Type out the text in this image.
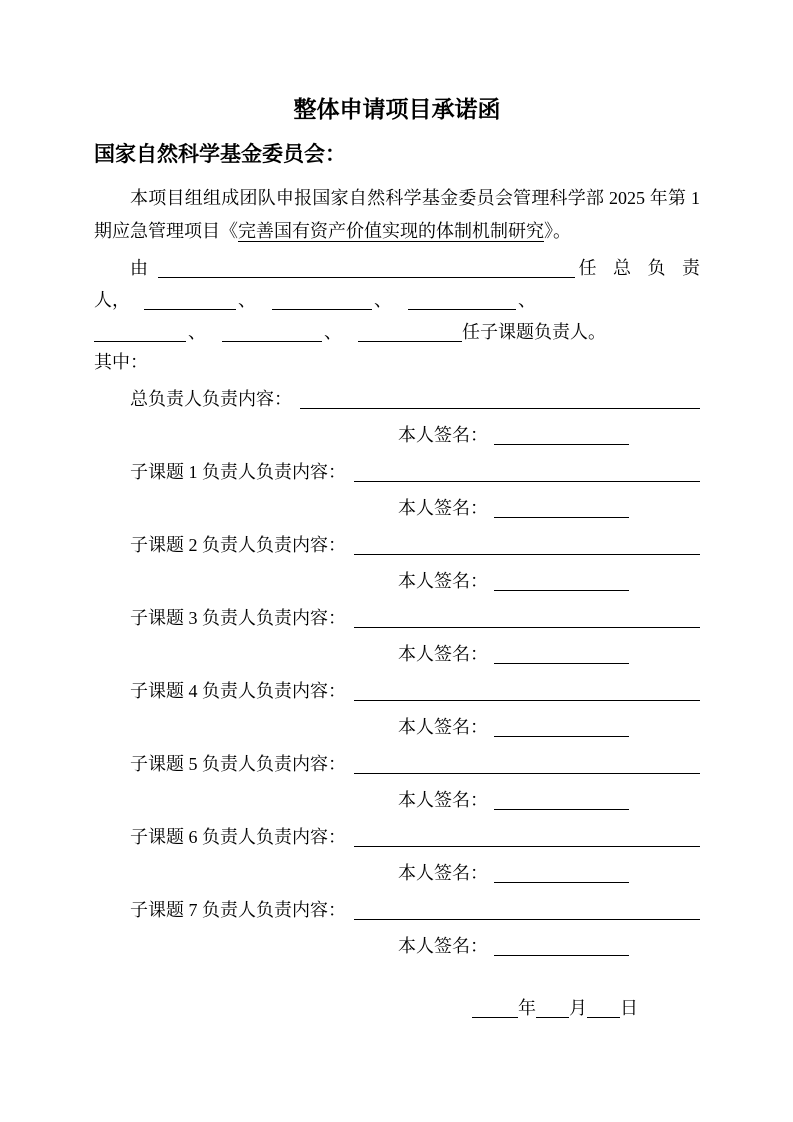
整体申请项目承诺函
国家自然科学基金委员会：

本项目组组成团队申报国家自然科学基金委员会管理科学部 2025 年第 1 期应急管理项目《完善国有资产价值实现的体制机制研究》。

由	任 总 负 责
人，	、	、	、
、	、	任子课题负责人。
其中：
总负责人负责内容：
本人签名：
子课题 1 负责人负责内容：
本人签名：
子课题 2 负责人负责内容：
本人签名：
子课题 3 负责人负责内容：
本人签名：
子课题 4 负责人负责内容：
本人签名：
子课题 5 负责人负责内容：
本人签名：
子课题 6 负责人负责内容：
本人签名：
子课题 7 负责人负责内容：
本人签名：
年 月 日
